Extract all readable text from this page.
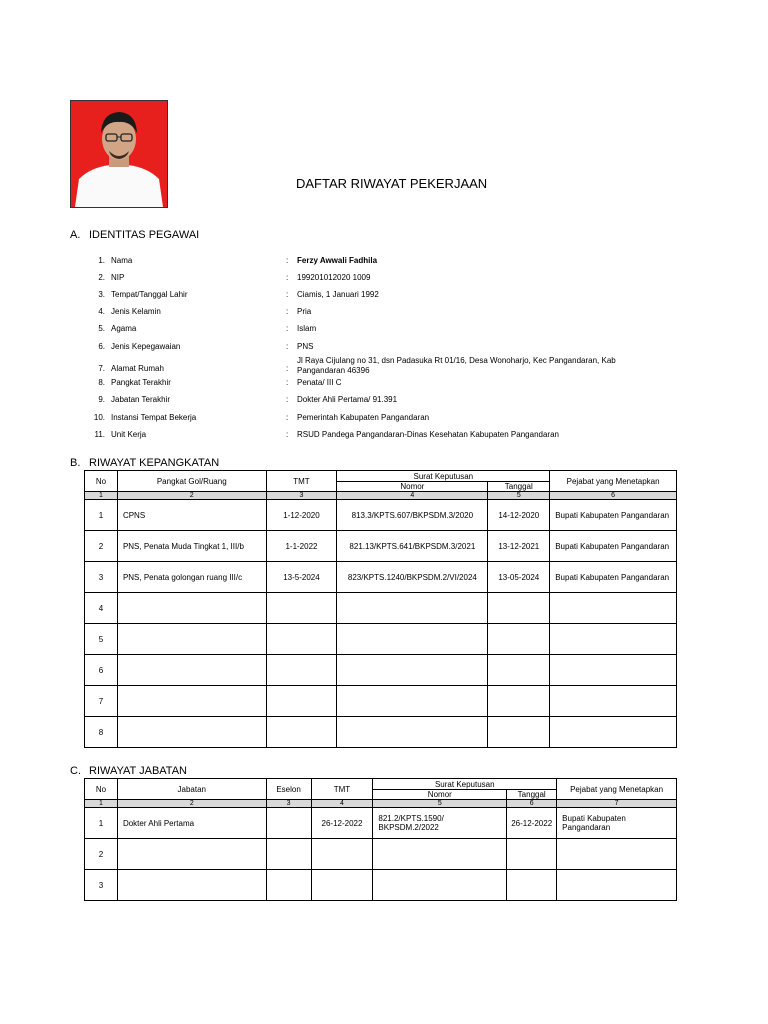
DAFTAR RIWAYAT PEKERJAAN
A. IDENTITAS PEGAWAI
1. Nama	: Ferzy Awwali Fadhila
2. NIP	: 199201012020 1009
3. Tempat/Tanggal Lahir	: Ciamis, 1 Januari 1992
4. Jenis Kelamin	: Pria
5. Agama	: Islam
6. Jenis Kepegawaian	: PNS
7. Alamat Rumah	:
Jl Raya Cijulang no 31, dsn Padasuka Rt 01/16, Desa Wonoharjo, Kec Pangandaran, Kab Pangandaran 46396
8. Pangkat Terakhir	: Penata/ III C
9. Jabatan Terakhir	: Dokter Ahli Pertama/ 91.391
10. Instansi Tempat Bekerja	: Pemerintah Kabupaten Pangandaran
11. Unit Kerja	: RSUD Pandega Pangandaran-Dinas Kesehatan Kabupaten Pangandaran
B. RIWAYAT KEPANGKATAN
No	Pangkat Gol/Ruang	TMT	Surat Keputusan		Pejabat yang Menetapkan
			Nomor	Tanggal	
1	2	3	4	5	6
1	CPNS	1-12-2020	813.3/KPTS.607/BKPSDM.3/2020	14-12-2020	Bupati Kabupaten Pangandaran
2	PNS, Penata Muda Tingkat 1, III/b	1-1-2022	821.13/KPTS.641/BKPSDM.3/2021	13-12-2021	Bupati Kabupaten Pangandaran
3	PNS, Penata golongan ruang III/c	13-5-2024	823/KPTS.1240/BKPSDM.2/VI/2024	13-05-2024	Bupati Kabupaten Pangandaran
4					
5					
6					
7					
8					
C. RIWAYAT JABATAN
No	Jabatan	Eselon	TMT	Surat Keputusan		Pejabat yang Menetapkan
				Nomor	Tanggal	
1	2	3	4	5	6	7
1	Dokter Ahli Pertama		26-12-2022	821.2/KPTS.1590/ BKPSDM.2/2022	26-12-2022	Bupati Kabupaten Pangandaran
2						
3						
